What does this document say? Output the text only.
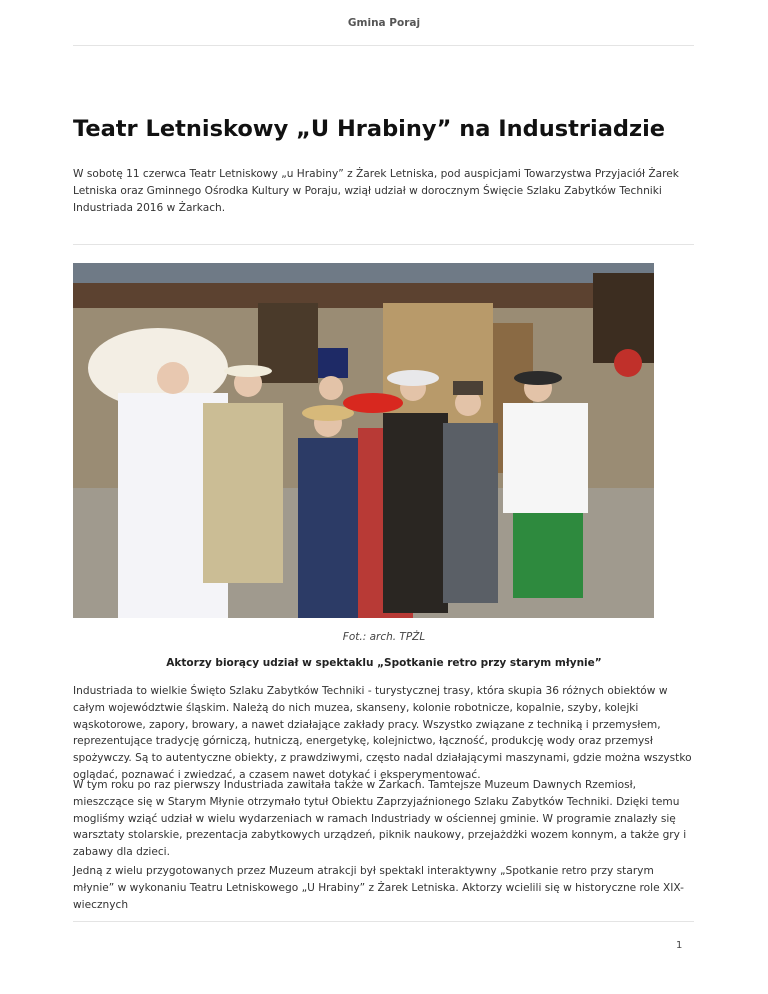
Gmina Poraj
Teatr Letniskowy „U Hrabiny” na Industriadzie

W sobotę 11 czerwca Teatr Letniskowy „u Hrabiny” z Żarek Letniska, pod auspicjami Towarzystwa Przyjaciół Żarek Letniska oraz Gminnego Ośrodka Kultury w Poraju, wziął udział w dorocznym Święcie Szlaku Zabytków Techniki Industriada 2016 w Żarkach.

Fot.: arch. TPŻL
Aktorzy biorący udział w spektaklu „Spotkanie retro przy starym młynie”

Industriada to wielkie Święto Szlaku Zabytków Techniki - turystycznej trasy, która skupia 36 różnych obiektów w całym województwie śląskim. Należą do nich muzea, skanseny, kolonie robotnicze, kopalnie, szyby, kolejki wąskotorowe, zapory, browary, a nawet działające zakłady pracy. Wszystko związane z techniką i przemysłem, reprezentujące tradycję górniczą, hutniczą, energetykę, kolejnictwo, łączność, produkcję wody oraz przemysł spożywczy. Są to autentyczne obiekty, z prawdziwymi, często nadal działającymi maszynami, gdzie można wszystko oglądać, poznawać i zwiedzać, a czasem nawet dotykać i eksperymentować.

W tym roku po raz pierwszy Industriada zawitała także w Żarkach. Tamtejsze Muzeum Dawnych Rzemiosł, mieszczące się w Starym Młynie otrzymało tytuł Obiektu Zaprzyjaźnionego Szlaku Zabytków Techniki. Dzięki temu mogliśmy wziąć udział w wielu wydarzeniach w ramach Industriady w ościennej gminie. W programie znalazły się warsztaty stolarskie, prezentacja zabytkowych urządzeń, piknik naukowy, przejażdżki wozem konnym, a także gry i zabawy dla dzieci.

Jedną z wielu przygotowanych przez Muzeum atrakcji był spektakl interaktywny „Spotkanie retro przy starym młynie” w wykonaniu Teatru Letniskowego „U Hrabiny” z Żarek Letniska. Aktorzy wcielili się w historyczne role XIX-wiecznych

1
